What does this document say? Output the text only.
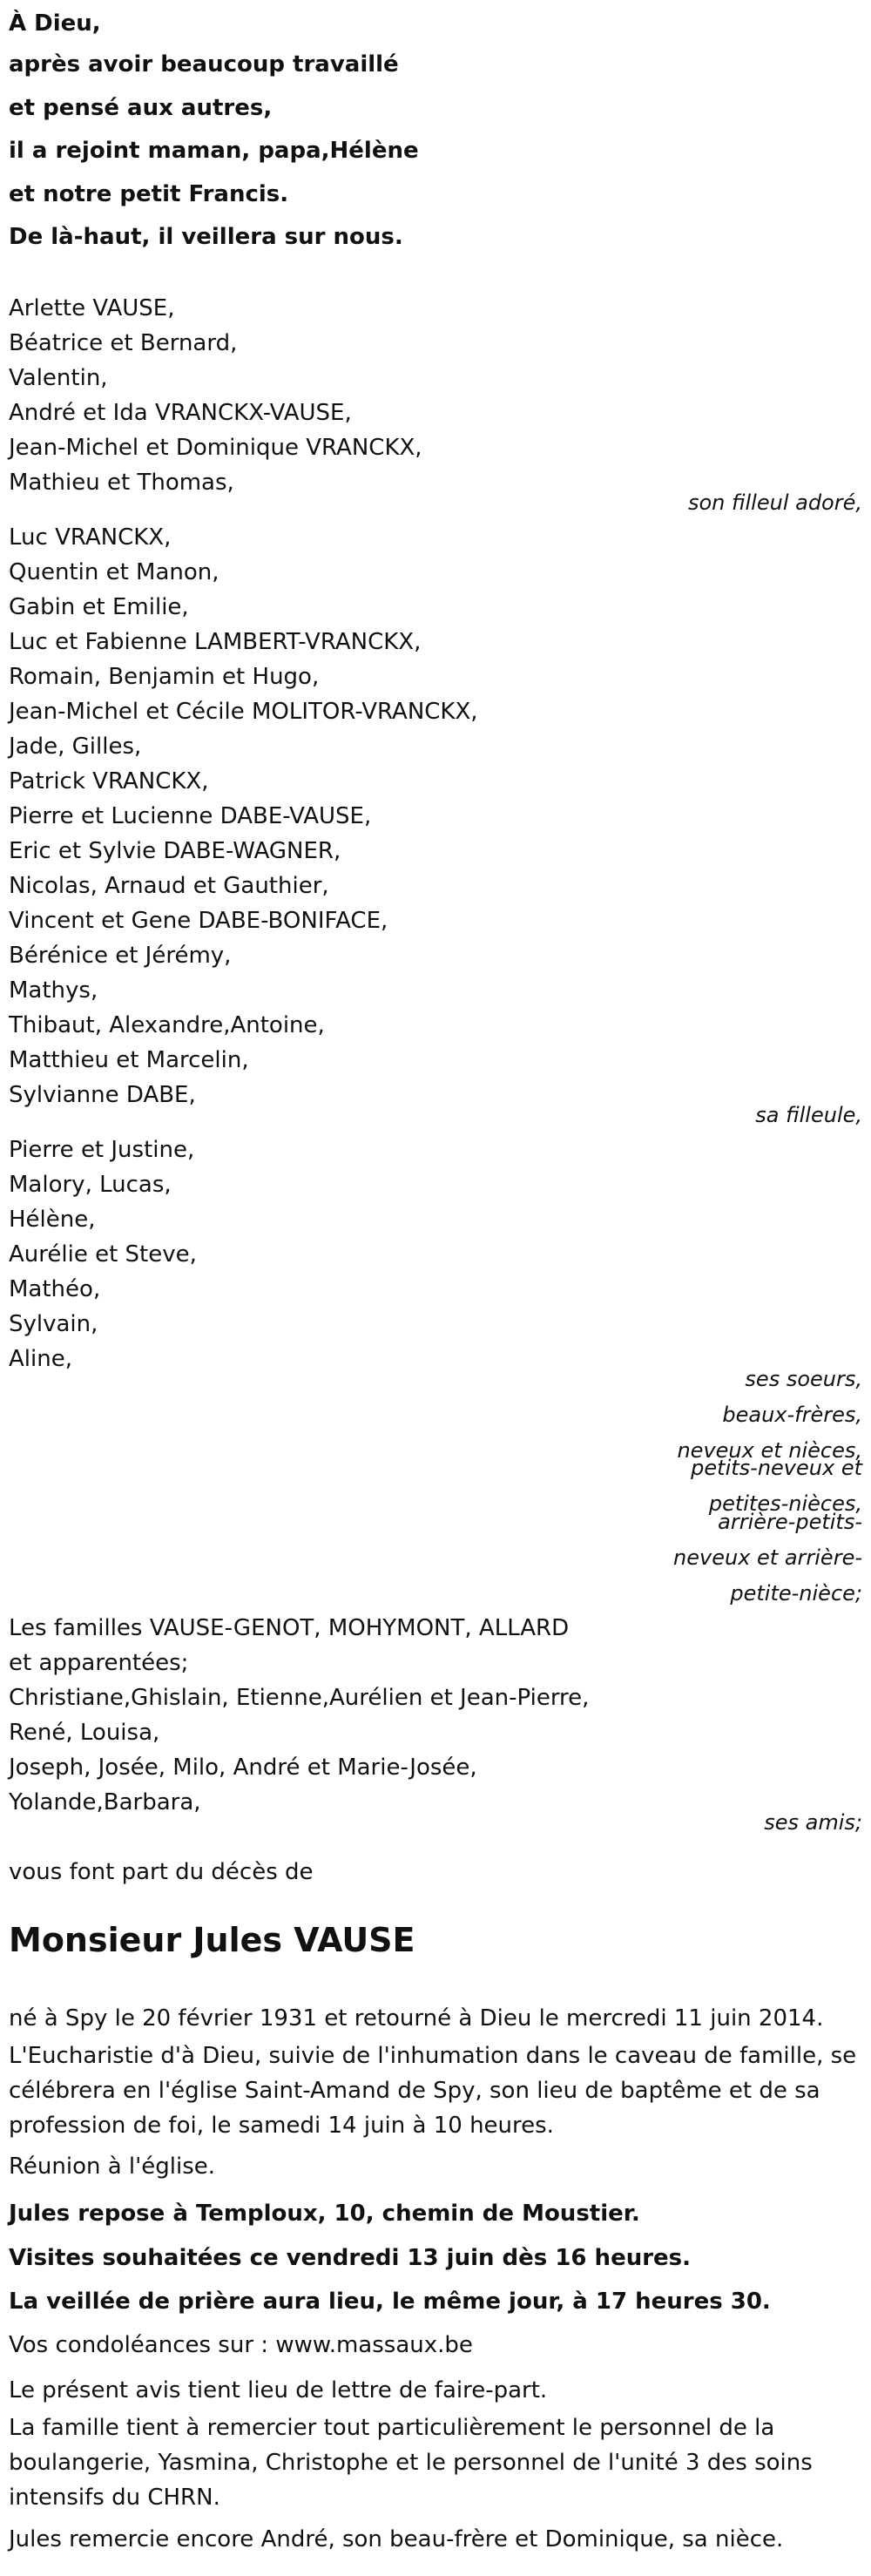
À Dieu,
après avoir beaucoup travaillé
et pensé aux autres,
il a rejoint maman, papa,Hélène
et notre petit Francis.
De là-haut, il veillera sur nous.
Arlette VAUSE,
Béatrice et Bernard,
Valentin,
André et Ida VRANCKX-VAUSE,
Jean-Michel et Dominique VRANCKX,
Mathieu et Thomas,
son filleul adoré,
Luc VRANCKX,
Quentin et Manon,
Gabin et Emilie,
Luc et Fabienne LAMBERT-VRANCKX,
Romain, Benjamin et Hugo,
Jean-Michel et Cécile MOLITOR-VRANCKX,
Jade, Gilles,
Patrick VRANCKX,
Pierre et Lucienne DABE-VAUSE,
Eric et Sylvie DABE-WAGNER,
Nicolas, Arnaud et Gauthier,
Vincent et Gene DABE-BONIFACE,
Bérénice et Jérémy,
Mathys,
Thibaut, Alexandre,Antoine,
Matthieu et Marcelin,
Sylvianne DABE,
sa filleule,
Pierre et Justine,
Malory, Lucas,
Hélène,
Aurélie et Steve,
Mathéo,
Sylvain,
Aline,
ses soeurs, beaux-frères, neveux et nièces,
petits-neveux et petites-nièces,
arrière-petits-neveux et arrière-petite-nièce;
Les familles VAUSE-GENOT, MOHYMONT, ALLARD
et apparentées;
Christiane,Ghislain, Etienne,Aurélien et Jean-Pierre,
René, Louisa,
Joseph, Josée, Milo, André et Marie-Josée,
Yolande,Barbara,
ses amis;
vous font part du décès de
Monsieur Jules VAUSE
né à Spy le 20 février 1931 et retourné à Dieu le mercredi 11 juin 2014.
L'Eucharistie d'à Dieu, suivie de l'inhumation dans le caveau de famille, se célébrera en l'église Saint-Amand de Spy, son lieu de baptême et de sa profession de foi, le samedi 14 juin à 10 heures.
Réunion à l'église.
Jules repose à Temploux, 10, chemin de Moustier.
Visites souhaitées ce vendredi 13 juin dès 16 heures.
La veillée de prière aura lieu, le même jour, à 17 heures 30.
Vos condoléances sur : www.massaux.be
Le présent avis tient lieu de lettre de faire-part.
La famille tient à remercier tout particulièrement le personnel de la boulangerie, Yasmina, Christophe et le personnel de l'unité 3 des soins intensifs du CHRN.
Jules remercie encore André, son beau-frère et Dominique, sa nièce.
